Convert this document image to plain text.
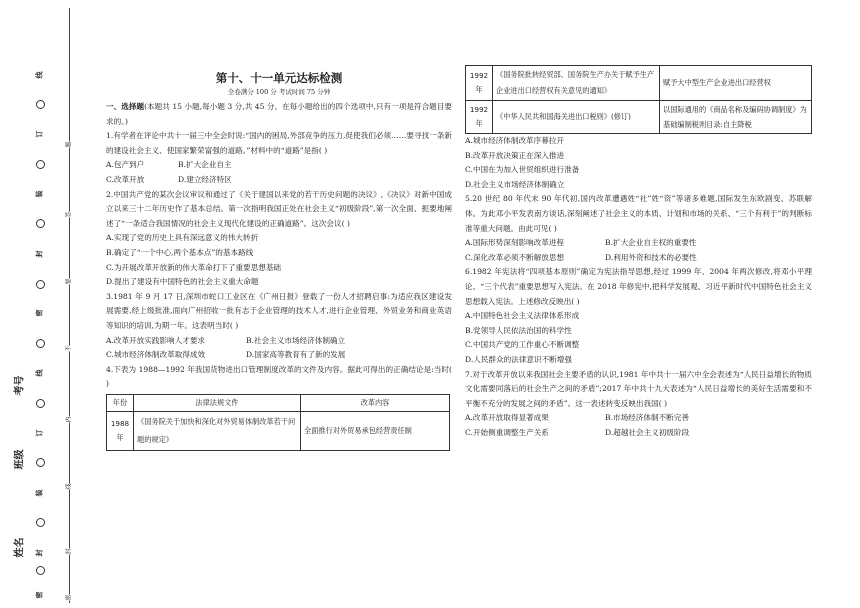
线
订
装
封
密
线
订
装
封
密
题
答
要
不
内
线
封
密
考号
班级
姓名
第十、十一单元达标检测
全卷满分 100 分 考试时间 75 分钟

一、选择题(本题共 15 小题,每小题 3 分,共 45 分。在每小题给出的四个选项中,只有一项是符合题目要求的。)

1.有学者在评论中共十一届三中全会时说:“国内的困局,外部竞争的压力,促使我们必须……要寻找一条新的建设社会主义、使国家繁荣富强的道路。”材料中的“道路”是指( )

A.包产到户	B.扩大企业自主
C.改革开放	D.建立经济特区

2.中国共产党的某次会议审议和通过了《关于建国以来党的若干历史问题的决议》,《决议》对新中国成立以来三十二年历史作了基本总结。第一次指明我国正处在社会主义“初级阶段”,第一次全面、扼要地阐述了“一条适合我国情况的社会主义现代化建设的正确道路”。这次会议( )

A.实现了党的历史上具有深远意义的伟大转折
B.确定了“一个中心,两个基本点”的基本路线
C.为开展改革开放新的伟大革命打下了重要思想基础
D.提出了建设有中国特色的社会主义重大命题

3.1981 年 9 月 17 日,深圳市蛇口工业区在《广州日报》登载了一份人才招聘启事:为适应我区建设发展需要,经上级批准,面向广州招收一批有志于企业管理的技术人才,进行企业管理、外贸业务和商业英语等知识的培训,为期一年。这表明当时( )

A.改革开放实践影响人才要求	B.社会主义市场经济体制确立
C.城市经济体制改革取得成效	D.国家高等教育有了新的发展

4.下表为 1988—1992 年我国货物进出口管理制度改革的文件及内容。据此可得出的正确结论是:当时( )

年份	法律法规文件	改革内容
1988年	《国务院关于加快和深化对外贸易体制改革若干问题的规定》	全面推行对外贸易承包经营责任制
1992年	《国务院批转经贸部、国务院生产办关于赋予生产企业进出口经营权有关意见的通知》	赋予大中型生产企业进出口经营权
1992年	《中华人民共和国海关进出口税则》(修订)	以国际通用的《商品名称及编码协调制度》为基础编制税则目录:自主降税
A.城市经济体制改革序幕拉开
B.改革开放决策正在深入推进
C.中国在为加入世贸组织进行准备
D.社会主义市场经济体制确立

5.20 世纪 80 年代末 90 年代初,国内改革遭遇姓“社”姓“资”等诸多难题,国际发生东欧剧变、苏联解体。为此邓小平发表南方谈话,深刻阐述了社会主义的本质、计划和市场的关系、“三个有利于”的判断标准等重大问题。由此可见( )

A.国际形势深刻影响改革进程	B.扩大企业自主权的重要性
C.深化改革必须不断解放思想	D.利用外资和技术的必要性

6.1982 年宪法将“四项基本原则”确定为宪法指导思想,经过 1999 年、2004 年两次修改,将邓小平理论、“三个代表”重要思想写入宪法。在 2018 年修宪中,把科学发展观、习近平新时代中国特色社会主义思想载入宪法。上述修改反映出( )

A.中国特色社会主义法律体系形成
B.党领导人民依法治国的科学性
C.中国共产党的工作重心不断调整
D.人民群众的法律意识不断增强

7.对于改革开放以来我国社会主要矛盾的认识,1981 年中共十一届六中全会表述为“人民日益增长的物质文化需要同落后的社会生产之间的矛盾”;2017 年中共十九大表述为“人民日益增长的美好生活需要和不平衡不充分的发展之间的矛盾”。这一表述转变反映出我国( )

A.改革开放取得显著成果	B.市场经济体制不断完善
C.开始侧重调整生产关系	D.超越社会主义初级阶段
